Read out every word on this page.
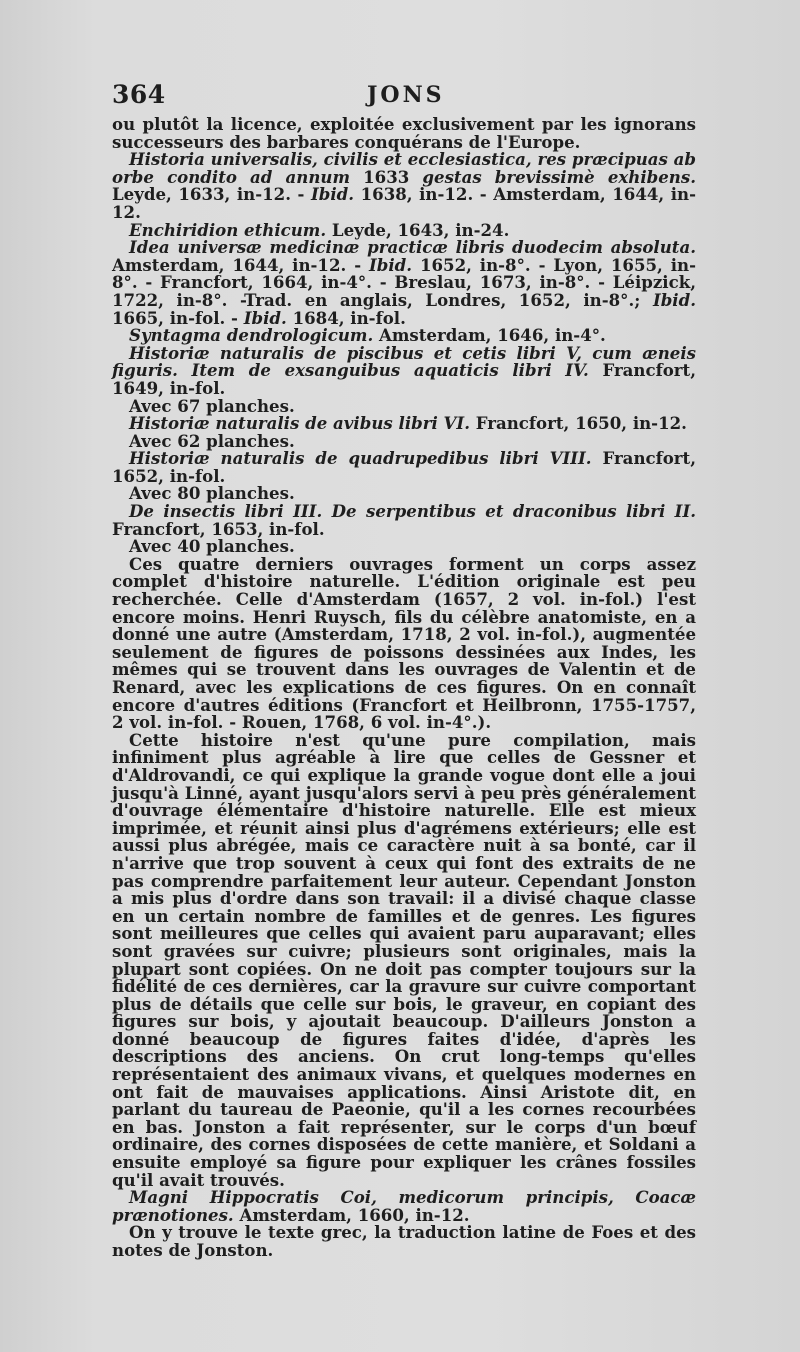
364	JONS

ou plutôt la licence, exploitée exclusivement par les ignorans successeurs des barbares conquérans de l'Europe.

Historia universalis, civilis et ecclesiastica, res præcipuas ab orbe condito ad annum 1633 gestas brevissimè exhibens. Leyde, 1633, in-12. - Ibid. 1638, in-12. - Amsterdam, 1644, in-12.

Enchiridion ethicum. Leyde, 1643, in-24.

Idea universæ medicinæ practicæ libris duodecim absoluta. Amsterdam, 1644, in-12. - Ibid. 1652, in-8°. - Lyon, 1655, in-8°. - Francfort, 1664, in-4°. - Breslau, 1673, in-8°. - Léipzick, 1722, in-8°. -Trad. en anglais, Londres, 1652, in-8°.; Ibid. 1665, in-fol. - Ibid. 1684, in-fol.

Syntagma dendrologicum. Amsterdam, 1646, in-4°.

Historiæ naturalis de piscibus et cetis libri V, cum æneis figuris. Item de exsanguibus aquaticis libri IV. Francfort, 1649, in-fol.

Avec 67 planches.

Historiæ naturalis de avibus libri VI. Francfort, 1650, in-12.

Avec 62 planches.

Historiæ naturalis de quadrupedibus libri VIII. Francfort, 1652, in-fol.

Avec 80 planches.

De insectis libri III. De serpentibus et draconibus libri II. Francfort, 1653, in-fol.

Avec 40 planches.

Ces quatre derniers ouvrages forment un corps assez complet d'histoire naturelle. L'édition originale est peu recherchée. Celle d'Amsterdam (1657, 2 vol. in-fol.) l'est encore moins. Henri Ruysch, fils du célèbre anatomiste, en a donné une autre (Amsterdam, 1718, 2 vol. in-fol.), augmentée seulement de figures de poissons dessinées aux Indes, les mêmes qui se trouvent dans les ouvrages de Valentin et de Renard, avec les explications de ces figures. On en connaît encore d'autres éditions (Francfort et Heilbronn, 1755-1757, 2 vol. in-fol. - Rouen, 1768, 6 vol. in-4°.).

Cette histoire n'est qu'une pure compilation, mais infiniment plus agréable à lire que celles de Gessner et d'Aldrovandi, ce qui explique la grande vogue dont elle a joui jusqu'à Linné, ayant jusqu'alors servi à peu près généralement d'ouvrage élémentaire d'histoire naturelle. Elle est mieux imprimée, et réunit ainsi plus d'agrémens extérieurs; elle est aussi plus abrégée, mais ce caractère nuit à sa bonté, car il n'arrive que trop souvent à ceux qui font des extraits de ne pas comprendre parfaitement leur auteur. Cependant Jonston a mis plus d'ordre dans son travail: il a divisé chaque classe en un certain nombre de familles et de genres. Les figures sont meilleures que celles qui avaient paru auparavant; elles sont gravées sur cuivre; plusieurs sont originales, mais la plupart sont copiées. On ne doit pas compter toujours sur la fidélité de ces dernières, car la gravure sur cuivre comportant plus de détails que celle sur bois, le graveur, en copiant des figures sur bois, y ajoutait beaucoup. D'ailleurs Jonston a donné beaucoup de figures faites d'idée, d'après les descriptions des anciens. On crut long-temps qu'elles représentaient des animaux vivans, et quelques modernes en ont fait de mauvaises applications. Ainsi Aristote dit, en parlant du taureau de Paeonie, qu'il a les cornes recourbées en bas. Jonston a fait représenter, sur le corps d'un bœuf ordinaire, des cornes disposées de cette manière, et Soldani a ensuite employé sa figure pour expliquer les crânes fossiles qu'il avait trouvés.

Magni Hippocratis Coi, medicorum principis, Coacæ prænotiones. Amsterdam, 1660, in-12.

On y trouve le texte grec, la traduction latine de Foes et des notes de Jonston.
